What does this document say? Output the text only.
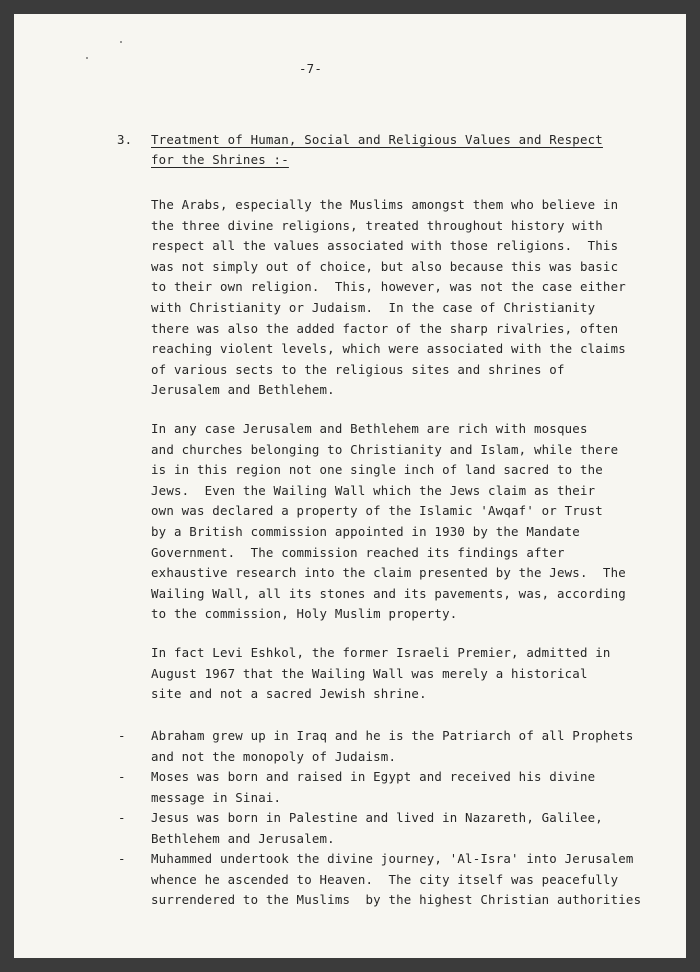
-7-
3. Treatment of Human, Social and Religious Values and Respect
for the Shrines :-
The Arabs, especially the Muslims amongst them who believe in
the three divine religions, treated throughout history with
respect all the values associated with those religions.  This
was not simply out of choice, but also because this was basic
to their own religion.  This, however, was not the case either
with Christianity or Judaism.  In the case of Christianity
there was also the added factor of the sharp rivalries, often
reaching violent levels, which were associated with the claims
of various sects to the religious sites and shrines of
Jerusalem and Bethlehem.
In any case Jerusalem and Bethlehem are rich with mosques
and churches belonging to Christianity and Islam, while there
is in this region not one single inch of land sacred to the
Jews.  Even the Wailing Wall which the Jews claim as their
own was declared a property of the Islamic 'Awqaf' or Trust
by a British commission appointed in 1930 by the Mandate
Government.  The commission reached its findings after
exhaustive research into the claim presented by the Jews.  The
Wailing Wall, all its stones and its pavements, was, according
to the commission, Holy Muslim property.
In fact Levi Eshkol, the former Israeli Premier, admitted in
August 1967 that the Wailing Wall was merely a historical
site and not a sacred Jewish shrine.
- Abraham grew up in Iraq and he is the Patriarch of all Prophets
and not the monopoly of Judaism.
- Moses was born and raised in Egypt and received his divine
message in Sinai.
- Jesus was born in Palestine and lived in Nazareth, Galilee,
Bethlehem and Jerusalem.
- Muhammed undertook the divine journey, 'Al-Isra' into Jerusalem
whence he ascended to Heaven.  The city itself was peacefully
surrendered to the Muslims  by the highest Christian authorities
